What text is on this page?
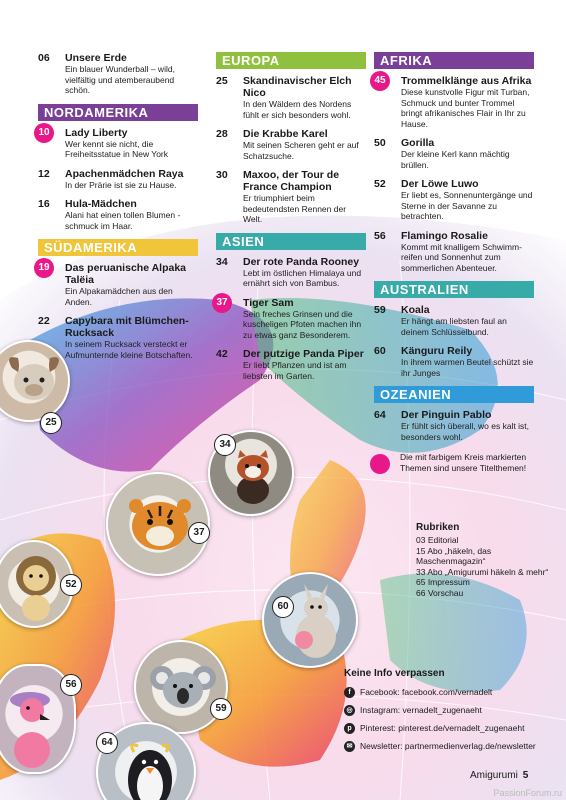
06	Unsere Erde
Ein blauer Wunderball – wild, vielfältig und atemberaubend schön.
NORDAMERIKA
10	Lady Liberty
Wer kennt sie nicht, die Freiheitsstatue in New York
12	Apachenmädchen Raya
In der Prärie ist sie zu Hause.
16	Hula-Mädchen
Alani hat einen tollen Blumen - schmuck im Haar.
SÜDAMERIKA
19	Das peruanische Alpaka Talëia
Ein Alpakamädchen aus den Anden.
22	Capybara mit Blümchen-Rucksack
In seinem Rucksack versteckt er Aufmunternde kleine Botschaften.
EUROPA
25	Skandinavischer Elch Nico
In den Wäldern des Nordens fühlt er sich besonders wohl.
28	Die Krabbe Karel
Mit seinen Scheren geht er auf Schatzsuche.
30	Maxoo, der Tour de France Champion
Er triumphiert beim bedeutendsten Rennen der Welt.
ASIEN
34	Der rote Panda Rooney
Lebt im östlichen Himalaya und ernährt sich von Bambus.
37	Tiger Sam
Sein freches Grinsen und die kuscheligen Pfoten machen ihn zu etwas ganz Besonderem.
42	Der putzige Panda Piper
Er liebt Pflanzen und ist am liebsten im Garten.
AFRIKA
45	Trommelklänge aus Afrika
Diese kunstvolle Figur mit Turban, Schmuck und bunter Trommel bringt afrikanisches Flair in Ihr zu Hause.
50	Gorilla
Der kleine Kerl kann mächtig brüllen.
52	Der Löwe Luwo
Er liebt es, Sonnenuntergänge und Sterne in der Savanne zu betrachten.
56	Flamingo Rosalie
Kommt mit knalligem Schwimm-reifen und Sonnenhut zum sommerlichen Abenteuer.
AUSTRALIEN
59	Koala
Er hängt am liebsten faul an deinem Schlüsselbund.
60	Känguru Reily
In ihrem warmen Beutel schützt sie ihr Junges
OZEANIEN
64	Der Pinguin Pablo
Er fühlt sich überall, wo es kalt ist, besonders wohl.
Die mit farbigem Kreis markierten Themen sind unsere Titelthemen!
Rubriken
03 Editorial
15 Abo „häkeln, das Maschenmagazin“
33 Abo „Amigurumi häkeln & mehr“
65 Impressum
66 Vorschau
Keine Info verpassen
f	Facebook: facebook.com/vernadelt
◎ Instagram: vernadelt_zugenaeht
p Pinterest: pinterest.de/vernadelt_zugenaeht
✉ Newsletter: partnermedienverlag.de/newsletter
Amigurumi 5
PassionForum.ru
25
34
37
52
60
56
59
64
